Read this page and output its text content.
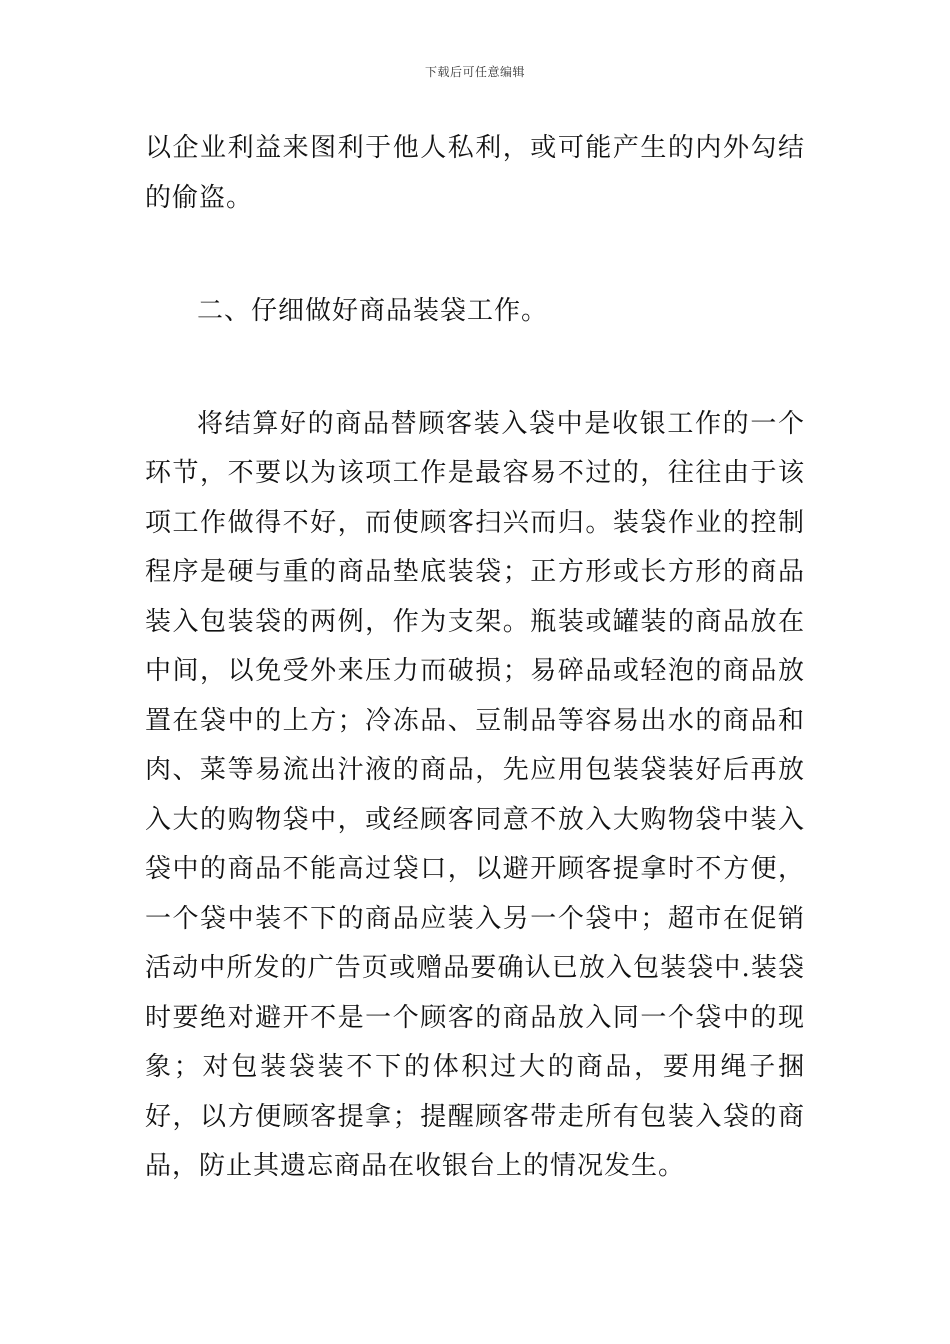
下载后可任意编辑

以企业利益来图利于他人私利，或可能产生的内外勾结的偷盗。

二、仔细做好商品装袋工作。

将结算好的商品替顾客装入袋中是收银工作的一个环节，不要以为该项工作是最容易不过的，往往由于该项工作做得不好，而使顾客扫兴而归。装袋作业的控制程序是硬与重的商品垫底装袋；正方形或长方形的商品装入包装袋的两例，作为支架。瓶装或罐装的商品放在中间，以免受外来压力而破损；易碎品或轻泡的商品放置在袋中的上方；冷冻品、豆制品等容易出水的商品和肉、菜等易流出汁液的商品，先应用包装袋装好后再放入大的购物袋中，或经顾客同意不放入大购物袋中装入袋中的商品不能高过袋口，以避开顾客提拿时不方便，一个袋中装不下的商品应装入另一个袋中；超市在促销活动中所发的广告页或赠品要确认已放入包装袋中.装袋时要绝对避开不是一个顾客的商品放入同一个袋中的现象；对包装袋装不下的体积过大的商品，要用绳子捆好，以方便顾客提拿；提醒顾客带走所有包装入袋的商品，防止其遗忘商品在收银台上的情况发生。
